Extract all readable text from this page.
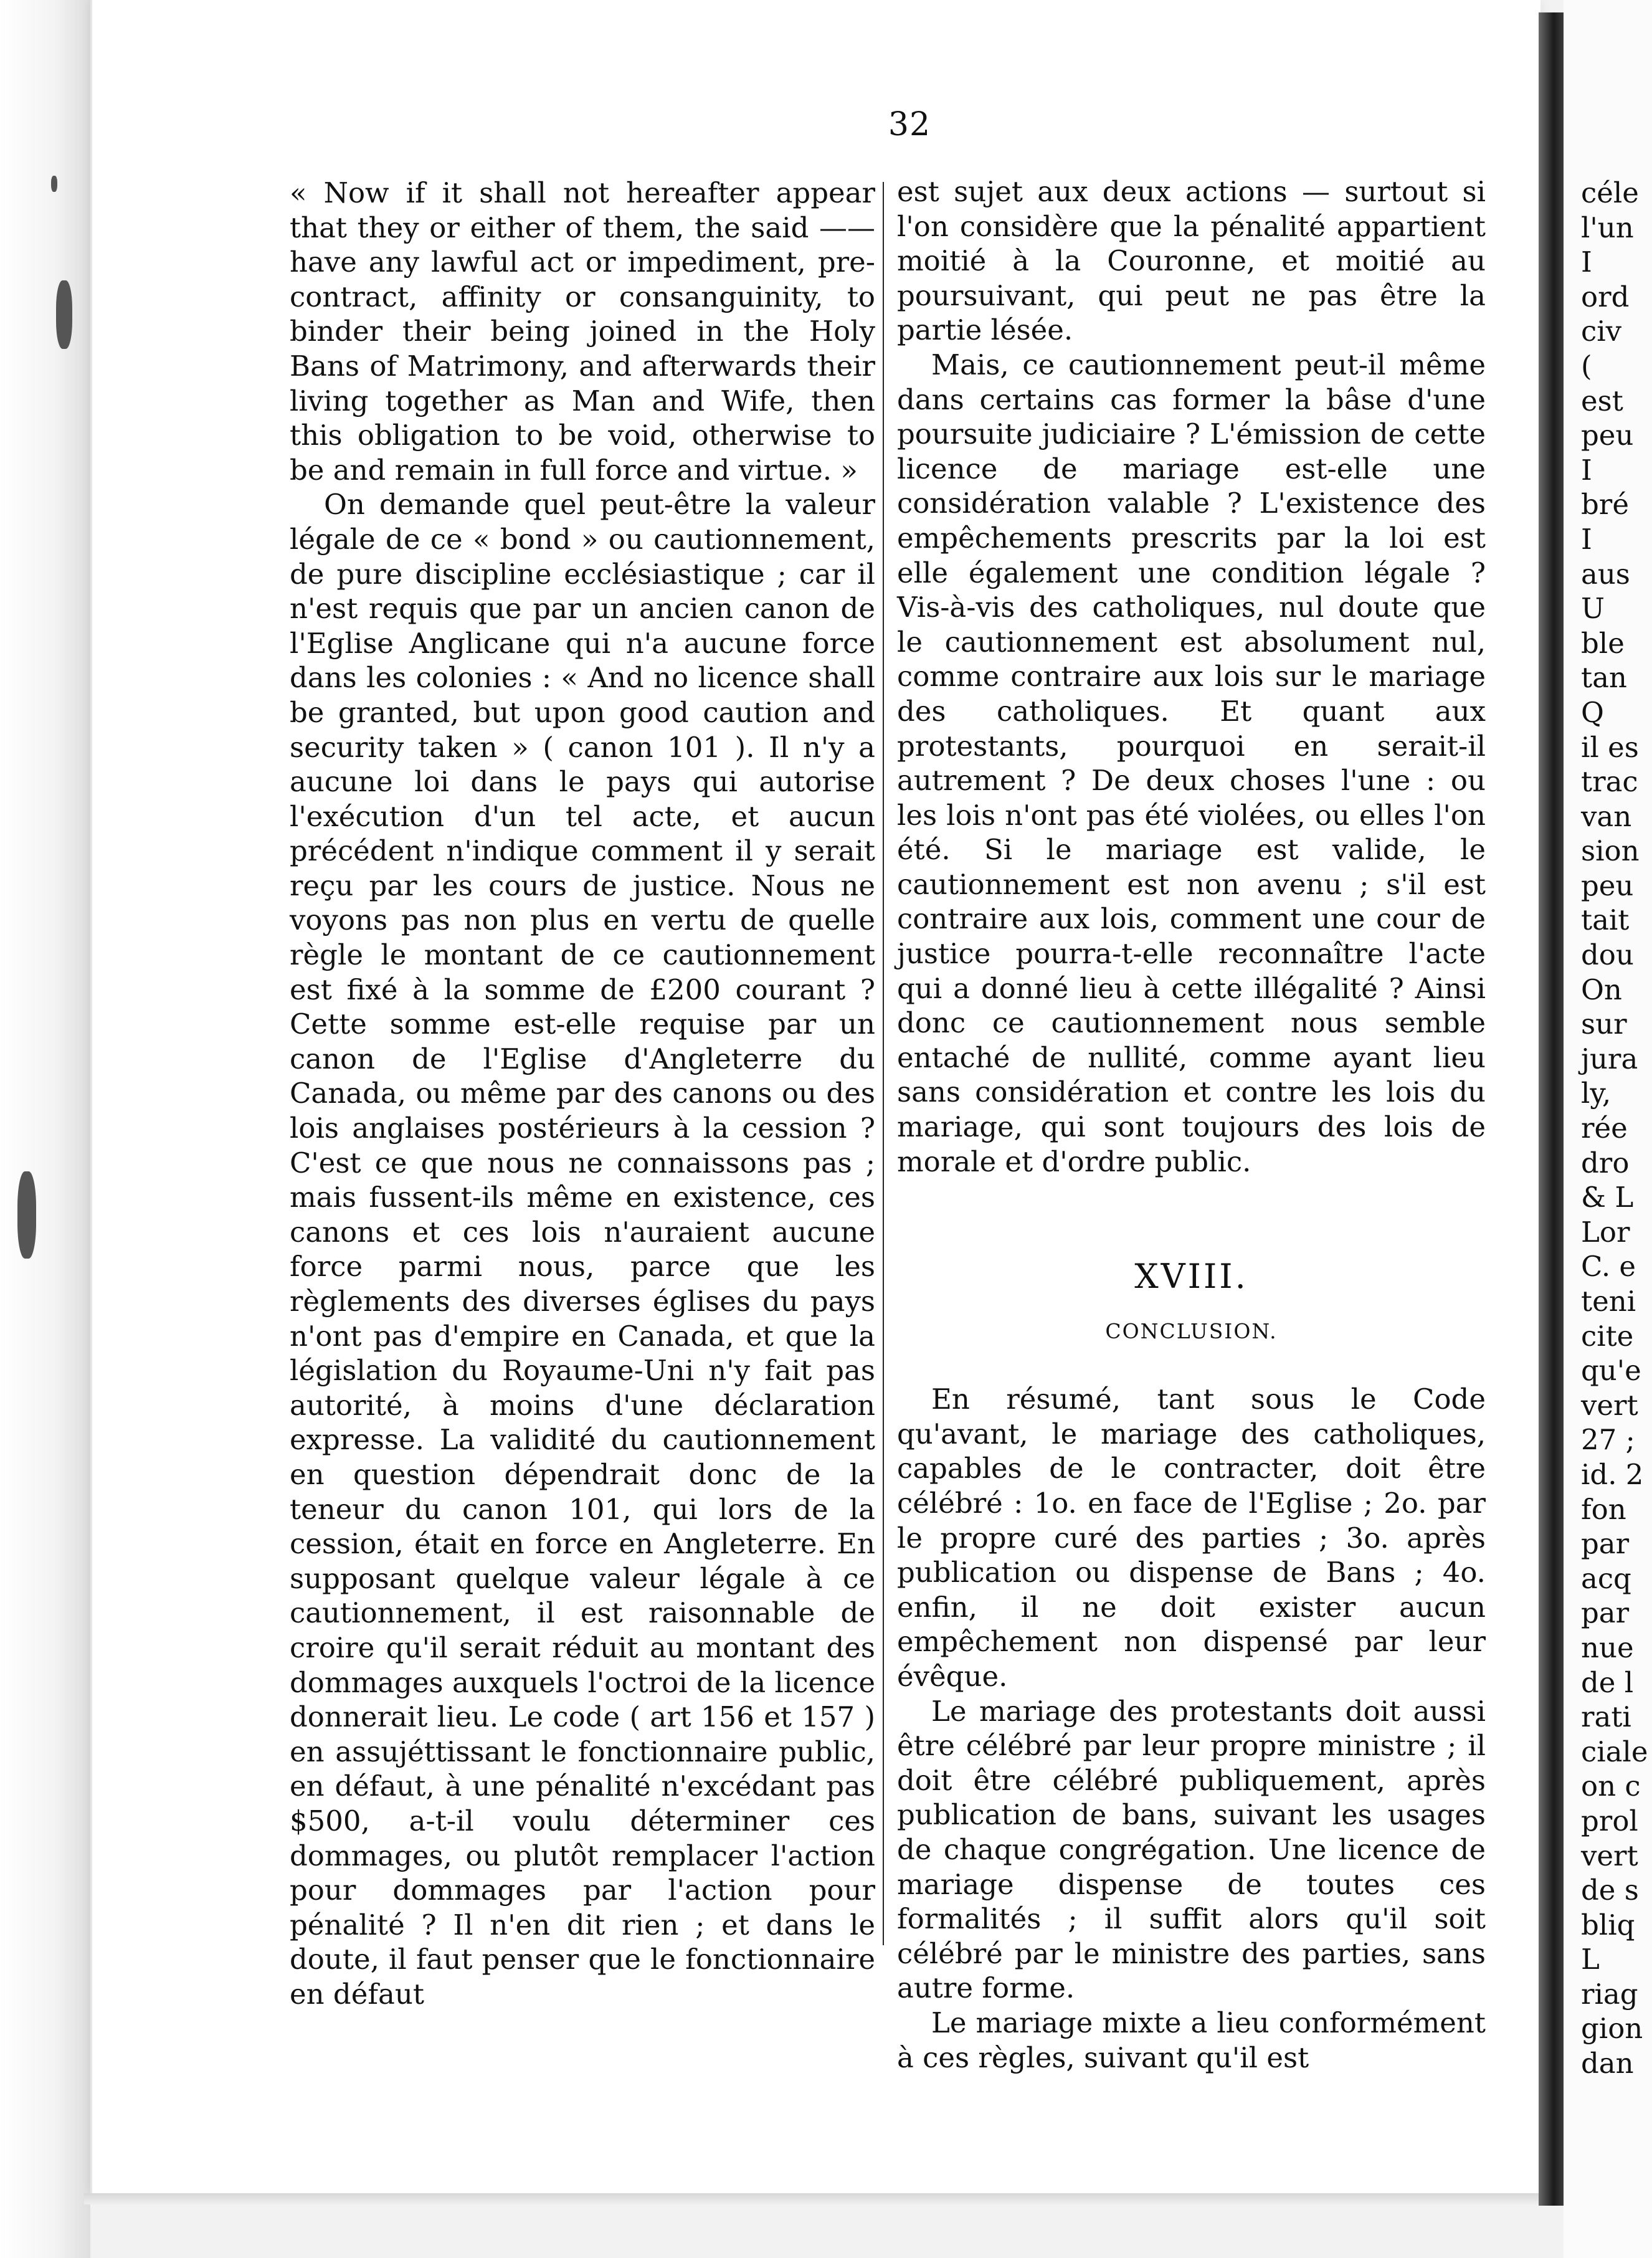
32

« Now if it shall not hereafter appear that they or either of them, the said ——have any lawful act or impediment, pre-contract, affinity or consanguinity, to binder their being joined in the Holy Bans of Matrimony, and afterwards their living together as Man and Wife, then this obligation to be void, otherwise to be and remain in full force and virtue. »

On demande quel peut-être la valeur légale de ce « bond » ou cautionnement, de pure discipline ecclésiastique ; car il n'est requis que par un ancien canon de l'Eglise Anglicane qui n'a aucune force dans les colonies : « And no licence shall be granted, but upon good caution and security taken » ( canon 101 ). Il n'y a aucune loi dans le pays qui autorise l'exécution d'un tel acte, et aucun précédent n'indique comment il y serait reçu par les cours de justice. Nous ne voyons pas non plus en vertu de quelle règle le montant de ce cautionnement est fixé à la somme de £200 courant ? Cette somme est-elle requise par un canon de l'Eglise d'Angleterre du Canada, ou même par des canons ou des lois anglaises postérieurs à la cession ? C'est ce que nous ne connaissons pas ; mais fussent-ils même en existence, ces canons et ces lois n'auraient aucune force parmi nous, parce que les règlements des diverses églises du pays n'ont pas d'empire en Canada, et que la législation du Royaume-Uni n'y fait pas autorité, à moins d'une déclaration expresse. La validité du cautionnement en question dépendrait donc de la teneur du canon 101, qui lors de la cession, était en force en Angleterre. En supposant quelque valeur légale à ce cautionnement, il est raisonnable de croire qu'il serait réduit au montant des dommages auxquels l'octroi de la licence donnerait lieu. Le code ( art 156 et 157 ) en assujéttissant le fonctionnaire public, en défaut, à une pénalité n'excédant pas $500, a-t-il voulu déterminer ces dommages, ou plutôt remplacer l'action pour dommages par l'action pour pénalité ? Il n'en dit rien ; et dans le doute, il faut penser que le fonctionnaire en défaut

est sujet aux deux actions — surtout si l'on considère que la pénalité appartient moitié à la Couronne, et moitié au poursuivant, qui peut ne pas être la partie lésée.

Mais, ce cautionnement peut-il même dans certains cas former la bâse d'une poursuite judiciaire ? L'émission de cette licence de mariage est-elle une considération valable ? L'existence des empêchements prescrits par la loi est elle également une condition légale ? Vis-à-vis des catholiques, nul doute que le cautionnement est absolument nul, comme contraire aux lois sur le mariage des catholiques. Et quant aux protestants, pourquoi en serait-il autrement ? De deux choses l'une : ou les lois n'ont pas été violées, ou elles l'on été. Si le mariage est valide, le cautionnement est non avenu ; s'il est contraire aux lois, comment une cour de justice pourra-t-elle reconnaître l'acte qui a donné lieu à cette illégalité ? Ainsi donc ce cautionnement nous semble entaché de nullité, comme ayant lieu sans considération et contre les lois du mariage, qui sont toujours des lois de morale et d'ordre public.

XVIII.

CONCLUSION.

En résumé, tant sous le Code qu'avant, le mariage des catholiques, capables de le contracter, doit être célébré : 1o. en face de l'Eglise ; 2o. par le propre curé des parties ; 3o. après publication ou dispense de Bans ; 4o. enfin, il ne doit exister aucun empêchement non dispensé par leur évêque.

Le mariage des protestants doit aussi être célébré par leur propre ministre ; il doit être célébré publiquement, après publication de bans, suivant les usages de chaque congrégation. Une licence de mariage dispense de toutes ces formalités ; il suffit alors qu'il soit célébré par le ministre des parties, sans autre forme.

Le mariage mixte a lieu conformément à ces règles, suivant qu'il est

céle
l'un
I
ord
civ
(
est
peu
I
bré
I
aus
U
ble
tan
Q
il es
trac
van
sion
peu
tait
dou
On
sur
jura
ly,
rée
dro
& L
Lor
C. e
teni
cite
qu'e
vert
27 ;
id. 2
fon
par
acq
par
nue
de l
rati
ciale
on c
prol
vert
de s
bliq
L
riag
gion
dan
